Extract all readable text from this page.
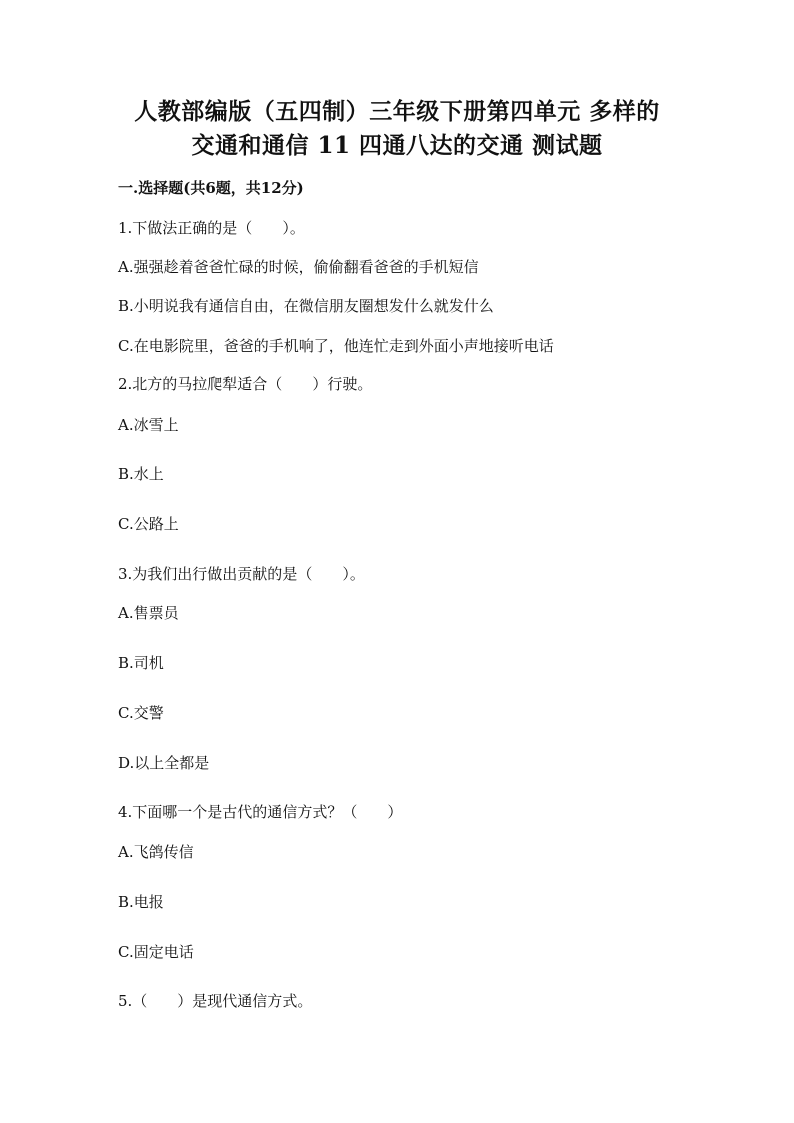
人教部编版（五四制）三年级下册第四单元 多样的
交通和通信 11 四通八达的交通 测试题
一.选择题(共6题，共12分)
1.下做法正确的是（　　）。
A.强强趁着爸爸忙碌的时候，偷偷翻看爸爸的手机短信
B.小明说我有通信自由，在微信朋友圈想发什么就发什么
C.在电影院里，爸爸的手机响了，他连忙走到外面小声地接听电话
2.北方的马拉爬犁适合（　　）行驶。
A.冰雪上
B.水上
C.公路上
3.为我们出行做出贡献的是（　　）。
A.售票员
B.司机
C.交警
D.以上全都是
4.下面哪一个是古代的通信方式？（　　）
A.飞鸽传信
B.电报
C.固定电话
5.（　　）是现代通信方式。
